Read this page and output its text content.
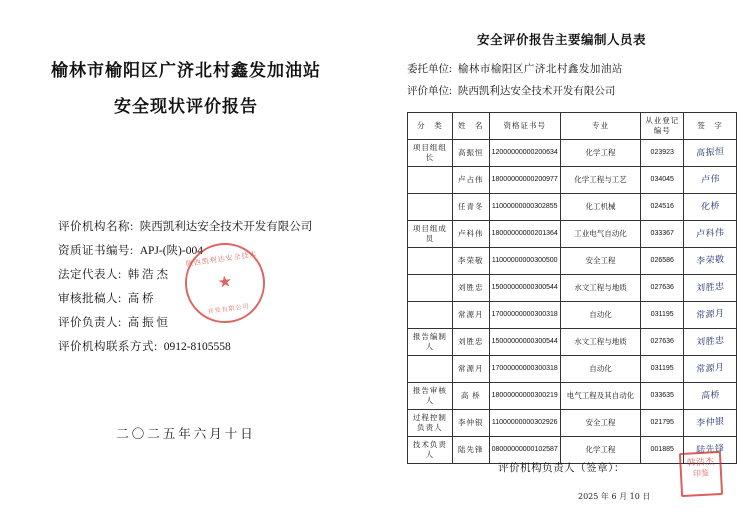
榆林市榆阳区广济北村鑫发加油站
安全现状评价报告
评价机构名称: 陕西凯利达安全技术开发有限公司
资质证书编号: APJ-(陕)-004
法定代表人: 韩 浩 杰
审核批稿人: 高 桥
评价负责人: 高 振 恒
评价机构联系方式: 0912-8105558
陕西凯利达安全技术
★
开发有限公司
二〇二五年六月十日
安全评价报告主要编制人员表
委托单位: 榆林市榆阳区广济北村鑫发加油站
评价单位: 陕西凯利达安全技术开发有限公司
分　类	姓　名	资格证书号	专业	从业登记编号	签　字
项目组组长	高振恒	12000000000200634	化学工程	023923	高振恒
	卢占伟	18000000000200977	化学工程与工艺	034045	卢伟
	任青冬	11000000000302855	化工机械	024516	化桥
项目组成员	卢科伟	18000000000201364	工业电气自动化	033367	卢科伟
	李荣敬	11000000000300500	安全工程	026586	李荣敬
	刘胜忠	15000000000300544	水文工程与地质	027636	刘胜忠
	常源月	17000000000300318	自动化	031195	常源月
报告编制人	刘胜忠	15000000000300544	水文工程与地质	027636	刘胜忠
	常源月	17000000000300318	自动化	031195	常源月
报告审核人	高 桥	18000000000300219	电气工程及其自动化	033635	高桥
过程控制负责人	李仲银	11000000000302926	安全工程	021795	李仲银
技术负责人	陆先锋	08000000000102587	化学工程	001885	陆先锋
评价机构负责人（签章）：
2025 年 6 月 10 日
韩浩杰
印鉴
